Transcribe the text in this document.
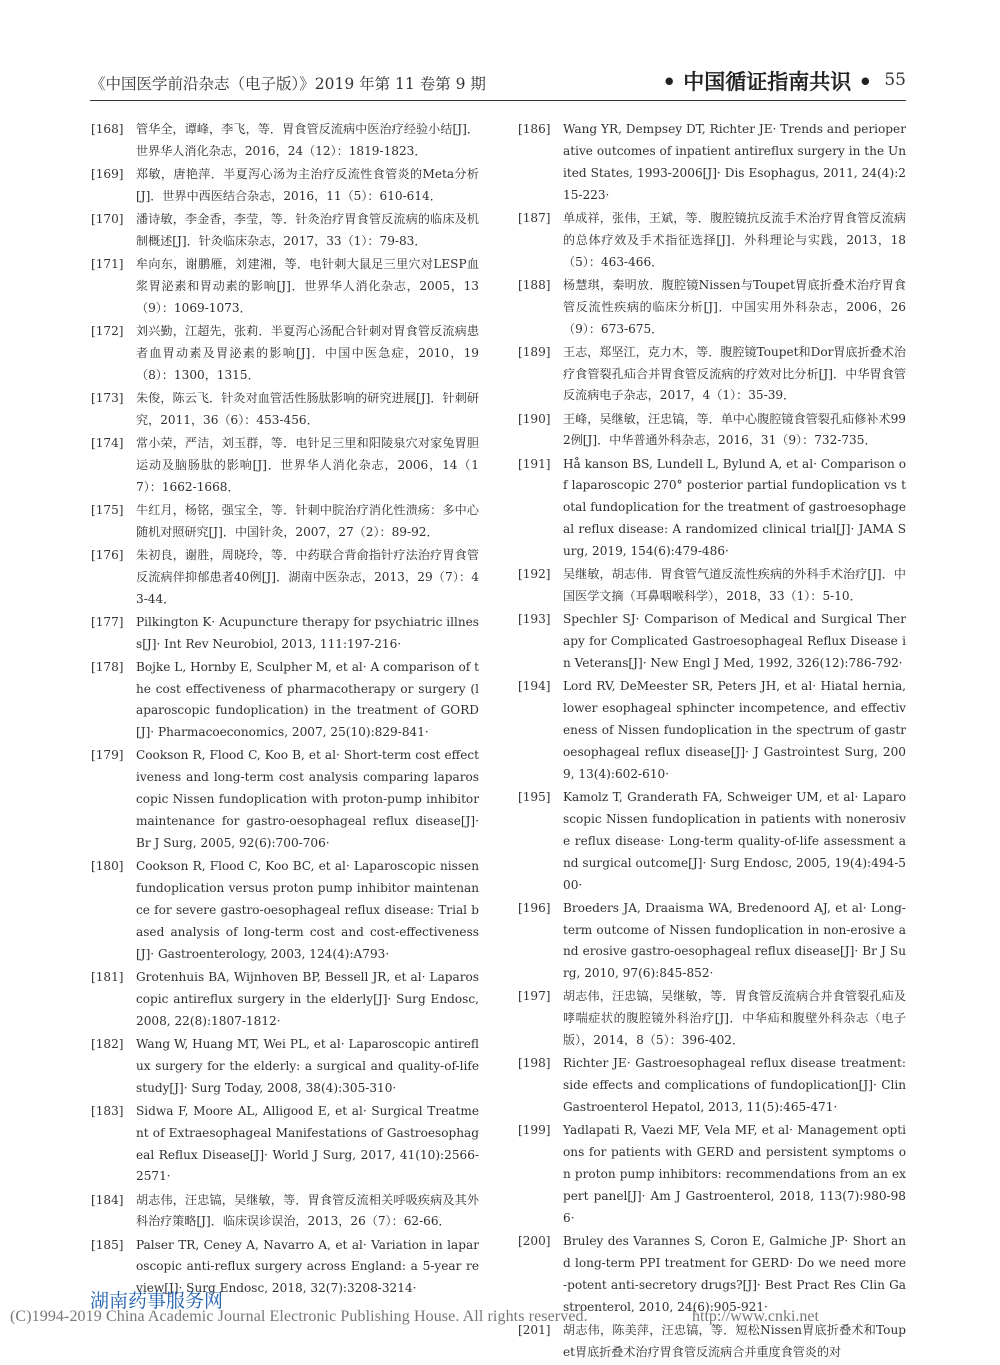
《中国医学前沿杂志（电子版）》2019 年第 11 卷第 9 期	• 中国循证指南共识 • 55
[168] 管华全，谭峰，李飞，等．胃食管反流病中医治疗经验小结[J]．世界华人消化杂志，2016，24（12）：1819-1823．
[169] 郑敏，唐艳萍．半夏泻心汤为主治疗反流性食管炎的Meta分析[J]．世界中西医结合杂志，2016，11（5）：610-614．
[170] 潘诗敏，李金香，李莹，等．针灸治疗胃食管反流病的临床及机制概述[J]．针灸临床杂志，2017，33（1）：79-83．
[171] 牟向东，谢鹏雁，刘建湘，等．电针刺大鼠足三里穴对LESP血浆胃泌素和胃动素的影响[J]．世界华人消化杂志，2005，13（9）：1069-1073．
[172] 刘兴勤，江超先，张莉．半夏泻心汤配合针刺对胃食管反流病患者血胃动素及胃泌素的影响[J]．中国中医急症，2010，19（8）：1300，1315．
[173] 朱俊，陈云飞．针灸对血管活性肠肽影响的研究进展[J]．针刺研究，2011，36（6）：453-456．
[174] 常小荣，严洁，刘玉群，等．电针足三里和阳陵泉穴对家兔胃胆运动及脑肠肽的影响[J]．世界华人消化杂志，2006，14（17）：1662-1668．
[175] 牛红月，杨铭，强宝全，等．针刺中脘治疗消化性溃疡：多中心随机对照研究[J]．中国针灸，2007，27（2）：89-92．
[176] 朱初良，谢胜，周晓玲，等．中药联合背俞指针疗法治疗胃食管反流病伴抑郁患者40例[J]．湖南中医杂志，2013，29（7）：43-44．
[177] Pilkington K· Acupuncture therapy for psychiatric illness[J]· Int Rev Neurobiol, 2013, 111:197-216·
[178] Bojke L, Hornby E, Sculpher M, et al· A comparison of the cost effectiveness of pharmacotherapy or surgery (laparoscopic fundoplication) in the treatment of GORD[J]· Pharmacoeconomics, 2007, 25(10):829-841·
[179] Cookson R, Flood C, Koo B, et al· Short-term cost effectiveness and long-term cost analysis comparing laparoscopic Nissen fundoplication with proton-pump inhibitor maintenance for gastro-oesophageal reflux disease[J]· Br J Surg, 2005, 92(6):700-706·
[180] Cookson R, Flood C, Koo BC, et al· Laparoscopic nissen fundoplication versus proton pump inhibitor maintenance for severe gastro-oesophageal reflux disease: Trial based analysis of long-term cost and cost-effectiveness[J]· Gastroenterology, 2003, 124(4):A793·
[181] Grotenhuis BA, Wijnhoven BP, Bessell JR, et al· Laparoscopic antireflux surgery in the elderly[J]· Surg Endosc, 2008, 22(8):1807-1812·
[182] Wang W, Huang MT, Wei PL, et al· Laparoscopic antireflux surgery for the elderly: a surgical and quality-of-life study[J]· Surg Today, 2008, 38(4):305-310·
[183] Sidwa F, Moore AL, Alligood E, et al· Surgical Treatment of Extraesophageal Manifestations of Gastroesophageal Reflux Disease[J]· World J Surg, 2017, 41(10):2566-2571·
[184] 胡志伟，汪忠镐，吴继敏，等．胃食管反流相关呼吸疾病及其外科治疗策略[J]．临床误诊误治，2013，26（7）：62-66．
[185] Palser TR, Ceney A, Navarro A, et al· Variation in laparoscopic anti-reflux surgery across England: a 5-year review[J]· Surg Endosc, 2018, 32(7):3208-3214·
[186] Wang YR, Dempsey DT, Richter JE· Trends and perioperative outcomes of inpatient antireflux surgery in the United States, 1993-2006[J]· Dis Esophagus, 2011, 24(4):215-223·
[187] 单成祥，张伟，王斌，等．腹腔镜抗反流手术治疗胃食管反流病的总体疗效及手术指征选择[J]．外科理论与实践，2013，18（5）：463-466．
[188] 杨慧琪，秦明放．腹腔镜Nissen与Toupet胃底折叠术治疗胃食管反流性疾病的临床分析[J]．中国实用外科杂志，2006，26（9）：673-675．
[189] 王志，郑坚江，克力木，等．腹腔镜Toupet和Dor胃底折叠术治疗食管裂孔疝合并胃食管反流病的疗效对比分析[J]．中华胃食管反流病电子杂志，2017，4（1）：35-39．
[190] 王峰，吴继敏，汪忠镐，等．单中心腹腔镜食管裂孔疝修补术992例[J]．中华普通外科杂志，2016，31（9）：732-735．
[191] Hå kanson BS, Lundell L, Bylund A, et al· Comparison of laparoscopic 270° posterior partial fundoplication vs total fundoplication for the treatment of gastroesophageal reflux disease: A randomized clinical trial[J]· JAMA Surg, 2019, 154(6):479-486·
[192] 吴继敏，胡志伟．胃食管气道反流性疾病的外科手术治疗[J]．中国医学文摘（耳鼻咽喉科学），2018，33（1）：5-10．
[193] Spechler SJ· Comparison of Medical and Surgical Therapy for Complicated Gastroesophageal Reflux Disease in Veterans[J]· New Engl J Med, 1992, 326(12):786-792·
[194] Lord RV, DeMeester SR, Peters JH, et al· Hiatal hernia, lower esophageal sphincter incompetence, and effectiveness of Nissen fundoplication in the spectrum of gastroesophageal reflux disease[J]· J Gastrointest Surg, 2009, 13(4):602-610·
[195] Kamolz T, Granderath FA, Schweiger UM, et al· Laparoscopic Nissen fundoplication in patients with nonerosive reflux disease· Long-term quality-of-life assessment and surgical outcome[J]· Surg Endosc, 2005, 19(4):494-500·
[196] Broeders JA, Draaisma WA, Bredenoord AJ, et al· Long-term outcome of Nissen fundoplication in non-erosive and erosive gastro-oesophageal reflux disease[J]· Br J Surg, 2010, 97(6):845-852·
[197] 胡志伟，汪忠镐，吴继敏，等．胃食管反流病合并食管裂孔疝及哮喘症状的腹腔镜外科治疗[J]．中华疝和腹壁外科杂志（电子版），2014，8（5）：396-402．
[198] Richter JE· Gastroesophageal reflux disease treatment: side effects and complications of fundoplication[J]· Clin Gastroenterol Hepatol, 2013, 11(5):465-471·
[199] Yadlapati R, Vaezi MF, Vela MF, et al· Management options for patients with GERD and persistent symptoms on proton pump inhibitors: recommendations from an expert panel[J]· Am J Gastroenterol, 2018, 113(7):980-986·
[200] Bruley des Varannes S, Coron E, Galmiche JP· Short and long-term PPI treatment for GERD· Do we need more-potent anti-secretory drugs?[J]· Best Pract Res Clin Gastroenterol, 2010, 24(6):905-921·
[201] 胡志伟，陈美萍，汪忠镐，等．短松Nissen胃底折叠术和Toupet胃底折叠术治疗胃食管反流病合并重度食管炎的对
湖南药事服务网
(C)1994-2019 China Academic Journal Electronic Publishing House. All rights reserved.	http://www.cnki.net
